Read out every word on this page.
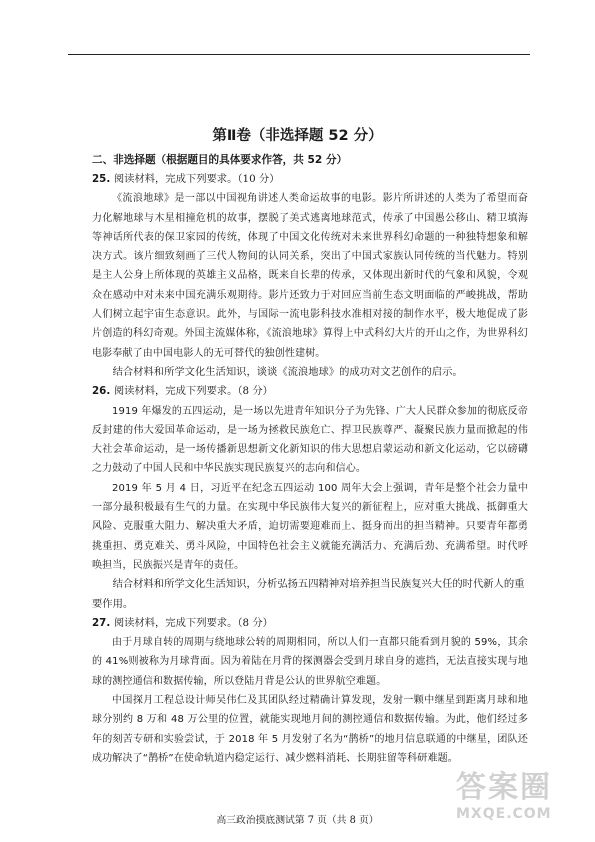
第Ⅱ卷（非选择题 52 分）
二、非选择题（根据题目的具体要求作答，共 52 分）
25. 阅读材料，完成下列要求。（10 分）

《流浪地球》是一部以中国视角讲述人类命运故事的电影。影片所讲述的人类为了希望而奋力化解地球与木星相撞危机的故事，摆脱了美式逃离地球范式，传承了中国愚公移山、精卫填海等神话所代表的保卫家园的传统，体现了中国文化传统对未来世界科幻命题的一种独特想象和解决方式。该片细致刻画了三代人物间的认同关系，突出了中国式家族认同传统的当代魅力。特别是主人公身上所体现的英雄主义品格，既来自长辈的传承，又体现出新时代的气象和风貌，令观众在感动中对未来中国充满乐观期待。影片还致力于对回应当前生态文明面临的严峻挑战，帮助人们树立起宇宙生态意识。此外，与国际一流电影科技水准相对接的制作水平，极大地促成了影片创造的科幻奇观。外国主流媒体称，《流浪地球》算得上中式科幻大片的开山之作，为世界科幻电影奉献了由中国电影人的无可替代的独创性建树。

结合材料和所学文化生活知识，谈谈《流浪地球》的成功对文艺创作的启示。

26. 阅读材料，完成下列要求。（8 分）

1919 年爆发的五四运动，是一场以先进青年知识分子为先锋、广大人民群众参加的彻底反帝反封建的伟大爱国革命运动，是一场为拯救民族危亡、捍卫民族尊严、凝聚民族力量而掀起的伟大社会革命运动，是一场传播新思想新文化新知识的伟大思想启蒙运动和新文化运动，它以磅礴之力鼓动了中国人民和中华民族实现民族复兴的志向和信心。

2019 年 5 月 4 日，习近平在纪念五四运动 100 周年大会上强调，青年是整个社会力量中一部分最积极最有生气的力量。在实现中华民族伟大复兴的新征程上，应对重大挑战、抵御重大风险、克服重大阻力、解决重大矛盾，迫切需要迎难而上、挺身而出的担当精神。只要青年都勇挑重担、勇克难关、勇斗风险，中国特色社会主义就能充满活力、充满后劲、充满希望。时代呼唤担当，民族振兴是青年的责任。

结合材料和所学文化生活知识，分析弘扬五四精神对培养担当民族复兴大任的时代新人的重要作用。

27. 阅读材料，完成下列要求。（8 分）

由于月球自转的周期与绕地球公转的周期相同，所以人们一直都只能看到月貌的 59%，其余的 41%则被称为月球背面。因为着陆在月背的探测器会受到月球自身的遮挡，无法直接实现与地球的测控通信和数据传输，所以登陆月背是公认的世界航空难题。

中国探月工程总设计师吴伟仁及其团队经过精确计算发现，发射一颗中继星到距离月球和地球分别约 8 万和 48 万公里的位置，就能实现地月间的测控通信和数据传输。为此，他们经过多年的刻苦专研和实验尝试，于 2018 年 5 月发射了名为“鹊桥”的地月信息联通的中继星，团队还成功解决了“鹊桥”在使命轨道内稳定运行、减少燃料消耗、长期驻留等科研难题。

高三政治摸底测试第 7 页（共 8 页）
答案圈
MXQE.COM
